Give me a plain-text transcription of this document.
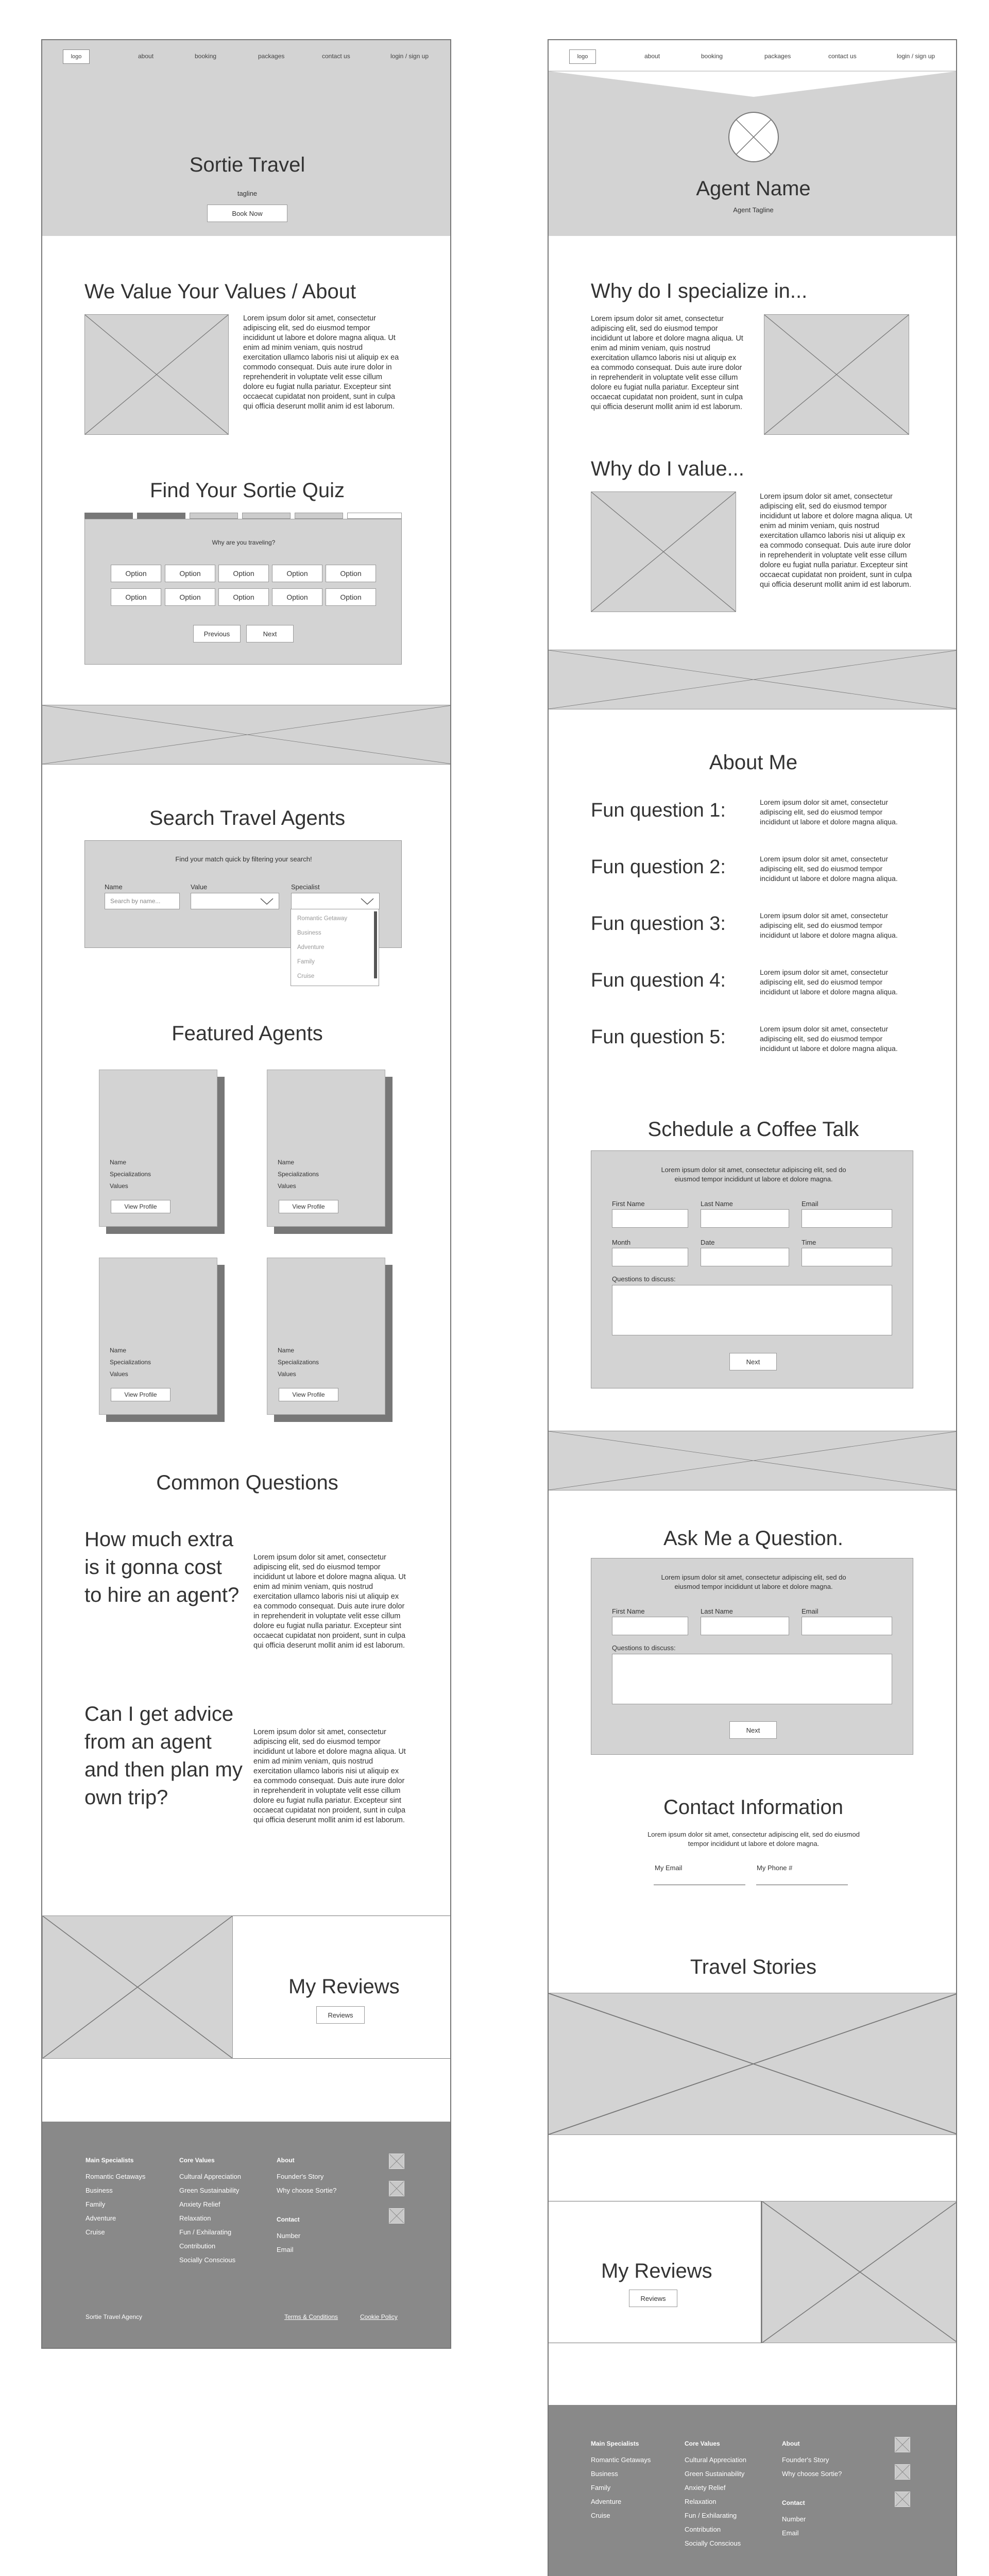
logo	about	booking	packages	contact us	login / sign up
Sortie Travel
tagline
Book Now
We Value Your Values / About
Lorem ipsum dolor sit amet, consectetur adipiscing elit, sed do eiusmod tempor incididunt ut labore et dolore magna aliqua. Ut enim ad minim veniam, quis nostrud exercitation ullamco laboris nisi ut aliquip ex ea commodo consequat. Duis aute irure dolor in reprehenderit in voluptate velit esse cillum dolore eu fugiat nulla pariatur. Excepteur sint occaecat cupidatat non proident, sunt in culpa qui officia deserunt mollit anim id est laborum.
Find Your Sortie Quiz
Why are you traveling?
Option	Option	Option	Option	Option
Option	Option	Option	Option	Option
Previous	Next
Search Travel Agents
Find your match quick by filtering your search!
Name	Value	Specialist
Search by name...
Romantic Getaway
Business
Adventure
Family
Cruise
Featured Agents
Name
Specializations
Values
View Profile
Name
Specializations
Values
View Profile
Name
Specializations
Values
View Profile
Name
Specializations
Values
View Profile
Common Questions
How much extra is it gonna cost to hire an agent?
Lorem ipsum dolor sit amet, consectetur adipiscing elit, sed do eiusmod tempor incididunt ut labore et dolore magna aliqua. Ut enim ad minim veniam, quis nostrud exercitation ullamco laboris nisi ut aliquip ex ea commodo consequat. Duis aute irure dolor in reprehenderit in voluptate velit esse cillum dolore eu fugiat nulla pariatur. Excepteur sint occaecat cupidatat non proident, sunt in culpa qui officia deserunt mollit anim id est laborum.
Can I get advice from an agent and then plan my own trip?
Lorem ipsum dolor sit amet, consectetur adipiscing elit, sed do eiusmod tempor incididunt ut labore et dolore magna aliqua. Ut enim ad minim veniam, quis nostrud exercitation ullamco laboris nisi ut aliquip ex ea commodo consequat. Duis aute irure dolor in reprehenderit in voluptate velit esse cillum dolore eu fugiat nulla pariatur. Excepteur sint occaecat cupidatat non proident, sunt in culpa qui officia deserunt mollit anim id est laborum.
My Reviews
Reviews
Main Specialists
Romantic Getaways
Business
Family
Adventure
Cruise
Core Values
Cultural Appreciation
Green Sustainability
Anxiety Relief
Relaxation
Fun / Exhilarating
Contribution
Socially Conscious
About
Founder's Story
Why choose Sortie?
Contact
Number
Email
Sortie Travel Agency	Terms & Conditions	Cookie Policy
logo	about	booking	packages	contact us	login / sign up
Agent Name
Agent Tagline
Why do I specialize in...
Lorem ipsum dolor sit amet, consectetur adipiscing elit, sed do eiusmod tempor incididunt ut labore et dolore magna aliqua. Ut enim ad minim veniam, quis nostrud exercitation ullamco laboris nisi ut aliquip ex ea commodo consequat. Duis aute irure dolor in reprehenderit in voluptate velit esse cillum dolore eu fugiat nulla pariatur. Excepteur sint occaecat cupidatat non proident, sunt in culpa qui officia deserunt mollit anim id est laborum.
Why do I value...
Lorem ipsum dolor sit amet, consectetur adipiscing elit, sed do eiusmod tempor incididunt ut labore et dolore magna aliqua. Ut enim ad minim veniam, quis nostrud exercitation ullamco laboris nisi ut aliquip ex ea commodo consequat. Duis aute irure dolor in reprehenderit in voluptate velit esse cillum dolore eu fugiat nulla pariatur. Excepteur sint occaecat cupidatat non proident, sunt in culpa qui officia deserunt mollit anim id est laborum.
About Me
Fun question 1:	Lorem ipsum dolor sit amet, consectetur adipiscing elit, sed do eiusmod tempor incididunt ut labore et dolore magna aliqua.
Fun question 2:	Lorem ipsum dolor sit amet, consectetur adipiscing elit, sed do eiusmod tempor incididunt ut labore et dolore magna aliqua.
Fun question 3:	Lorem ipsum dolor sit amet, consectetur adipiscing elit, sed do eiusmod tempor incididunt ut labore et dolore magna aliqua.
Fun question 4:	Lorem ipsum dolor sit amet, consectetur adipiscing elit, sed do eiusmod tempor incididunt ut labore et dolore magna aliqua.
Fun question 5:	Lorem ipsum dolor sit amet, consectetur adipiscing elit, sed do eiusmod tempor incididunt ut labore et dolore magna aliqua.
Schedule a Coffee Talk
Lorem ipsum dolor sit amet, consectetur adipiscing elit, sed do eiusmod tempor incididunt ut labore et dolore magna.
First Name	Last Name	Email
Month	Date	Time
Questions to discuss:
Next
Ask Me a Question.
Lorem ipsum dolor sit amet, consectetur adipiscing elit, sed do eiusmod tempor incididunt ut labore et dolore magna.
First Name	Last Name	Email
Questions to discuss:
Next
Contact Information
Lorem ipsum dolor sit amet, consectetur adipiscing elit, sed do eiusmod tempor incididunt ut labore et dolore magna.
My Email	My Phone #
Travel Stories
My Reviews
Reviews
Main Specialists
Romantic Getaways
Business
Family
Adventure
Cruise
Core Values
Cultural Appreciation
Green Sustainability
Anxiety Relief
Relaxation
Fun / Exhilarating
Contribution
Socially Conscious
About
Founder's Story
Why choose Sortie?
Contact
Number
Email
